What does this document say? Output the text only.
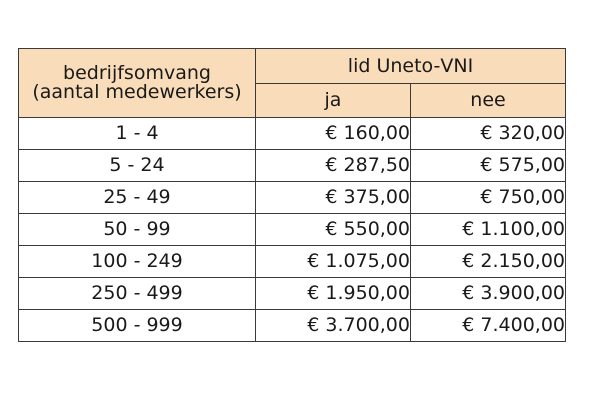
bedrijfsomvang
(aantal medewerkers)	lid Uneto-VNI	
	ja	nee
1 - 4	€ 160,00	€ 320,00
5 - 24	€ 287,50	€ 575,00
25 - 49	€ 375,00	€ 750,00
50 - 99	€ 550,00	€ 1.100,00
100 - 249	€ 1.075,00	€ 2.150,00
250 - 499	€ 1.950,00	€ 3.900,00
500 - 999	€ 3.700,00	€ 7.400,00
